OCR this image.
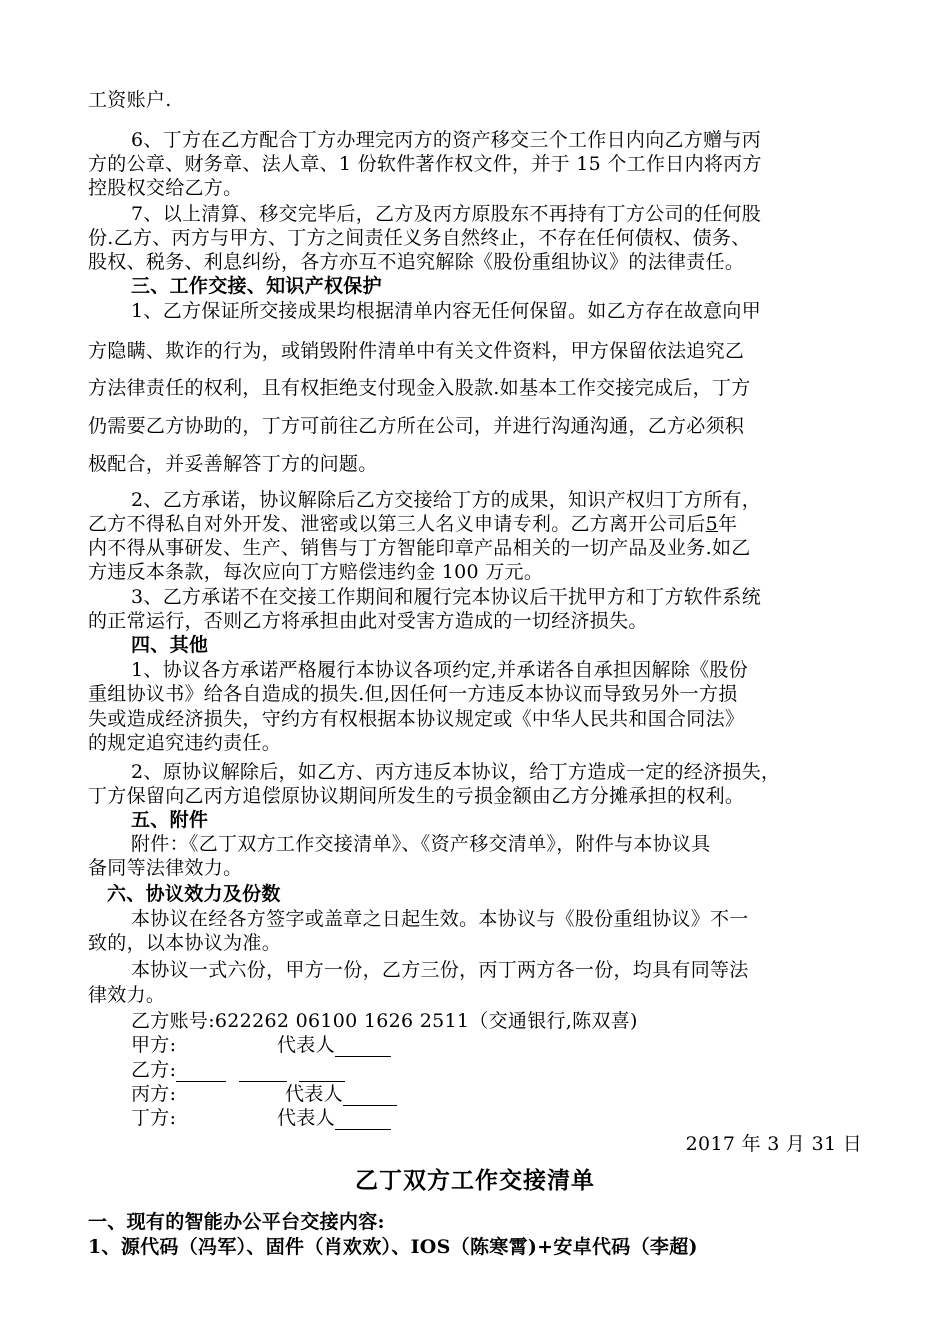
工资账户.
6、丁方在乙方配合丁方办理完丙方的资产移交三个工作日内向乙方赠与丙
方的公章、财务章、法人章、1 份软件著作权文件，并于 15 个工作日内将丙方
控股权交给乙方。
7、以上清算、移交完毕后，乙方及丙方原股东不再持有丁方公司的任何股
份.乙方、丙方与甲方、丁方之间责任义务自然终止，不存在任何债权、债务、
股权、税务、利息纠纷，各方亦互不追究解除《股份重组协议》的法律责任。
三、工作交接、知识产权保护
1、乙方保证所交接成果均根据清单内容无任何保留。如乙方存在故意向甲
方隐瞒、欺诈的行为，或销毁附件清单中有关文件资料，甲方保留依法追究乙
方法律责任的权利，且有权拒绝支付现金入股款.如基本工作交接完成后，丁方
仍需要乙方协助的，丁方可前往乙方所在公司，并进行沟通沟通，乙方必须积
极配合，并妥善解答丁方的问题。
2、乙方承诺，协议解除后乙方交接给丁方的成果，知识产权归丁方所有，
乙方不得私自对外开发、泄密或以第三人名义申请专利。乙方离开公司后5年
内不得从事研发、生产、销售与丁方智能印章产品相关的一切产品及业务.如乙
方违反本条款，每次应向丁方赔偿违约金 100 万元。
3、乙方承诺不在交接工作期间和履行完本协议后干扰甲方和丁方软件系统
的正常运行，否则乙方将承担由此对受害方造成的一切经济损失。
四、其他
1、协议各方承诺严格履行本协议各项约定,并承诺各自承担因解除《股份
重组协议书》给各自造成的损失.但,因任何一方违反本协议而导致另外一方损
失或造成经济损失，守约方有权根据本协议规定或《中华人民共和国合同法》
的规定追究违约责任。
2、原协议解除后，如乙方、丙方违反本协议，给丁方造成一定的经济损失，
丁方保留向乙丙方追偿原协议期间所发生的亏损金额由乙方分摊承担的权利。
五、附件
附件：《乙丁双方工作交接清单》、《资产移交清单》，附件与本协议具
备同等法律效力。
六、协议效力及份数
本协议在经各方签字或盖章之日起生效。本协议与《股份重组协议》不一
致的，以本协议为准。
本协议一式六份，甲方一份，乙方三份，丙丁两方各一份，均具有同等法
律效力。
乙方账号:622262 06100 1626 2511（交通银行,陈双喜)
甲方:	代表人
乙方:
丙方:	代表人
丁方:	代表人
2017 年 3 月 31 日
乙丁双方工作交接清单
一、现有的智能办公平台交接内容:
1、源代码（冯军）、固件（肖欢欢）、IOS（陈寒霄)+安卓代码（李超)
